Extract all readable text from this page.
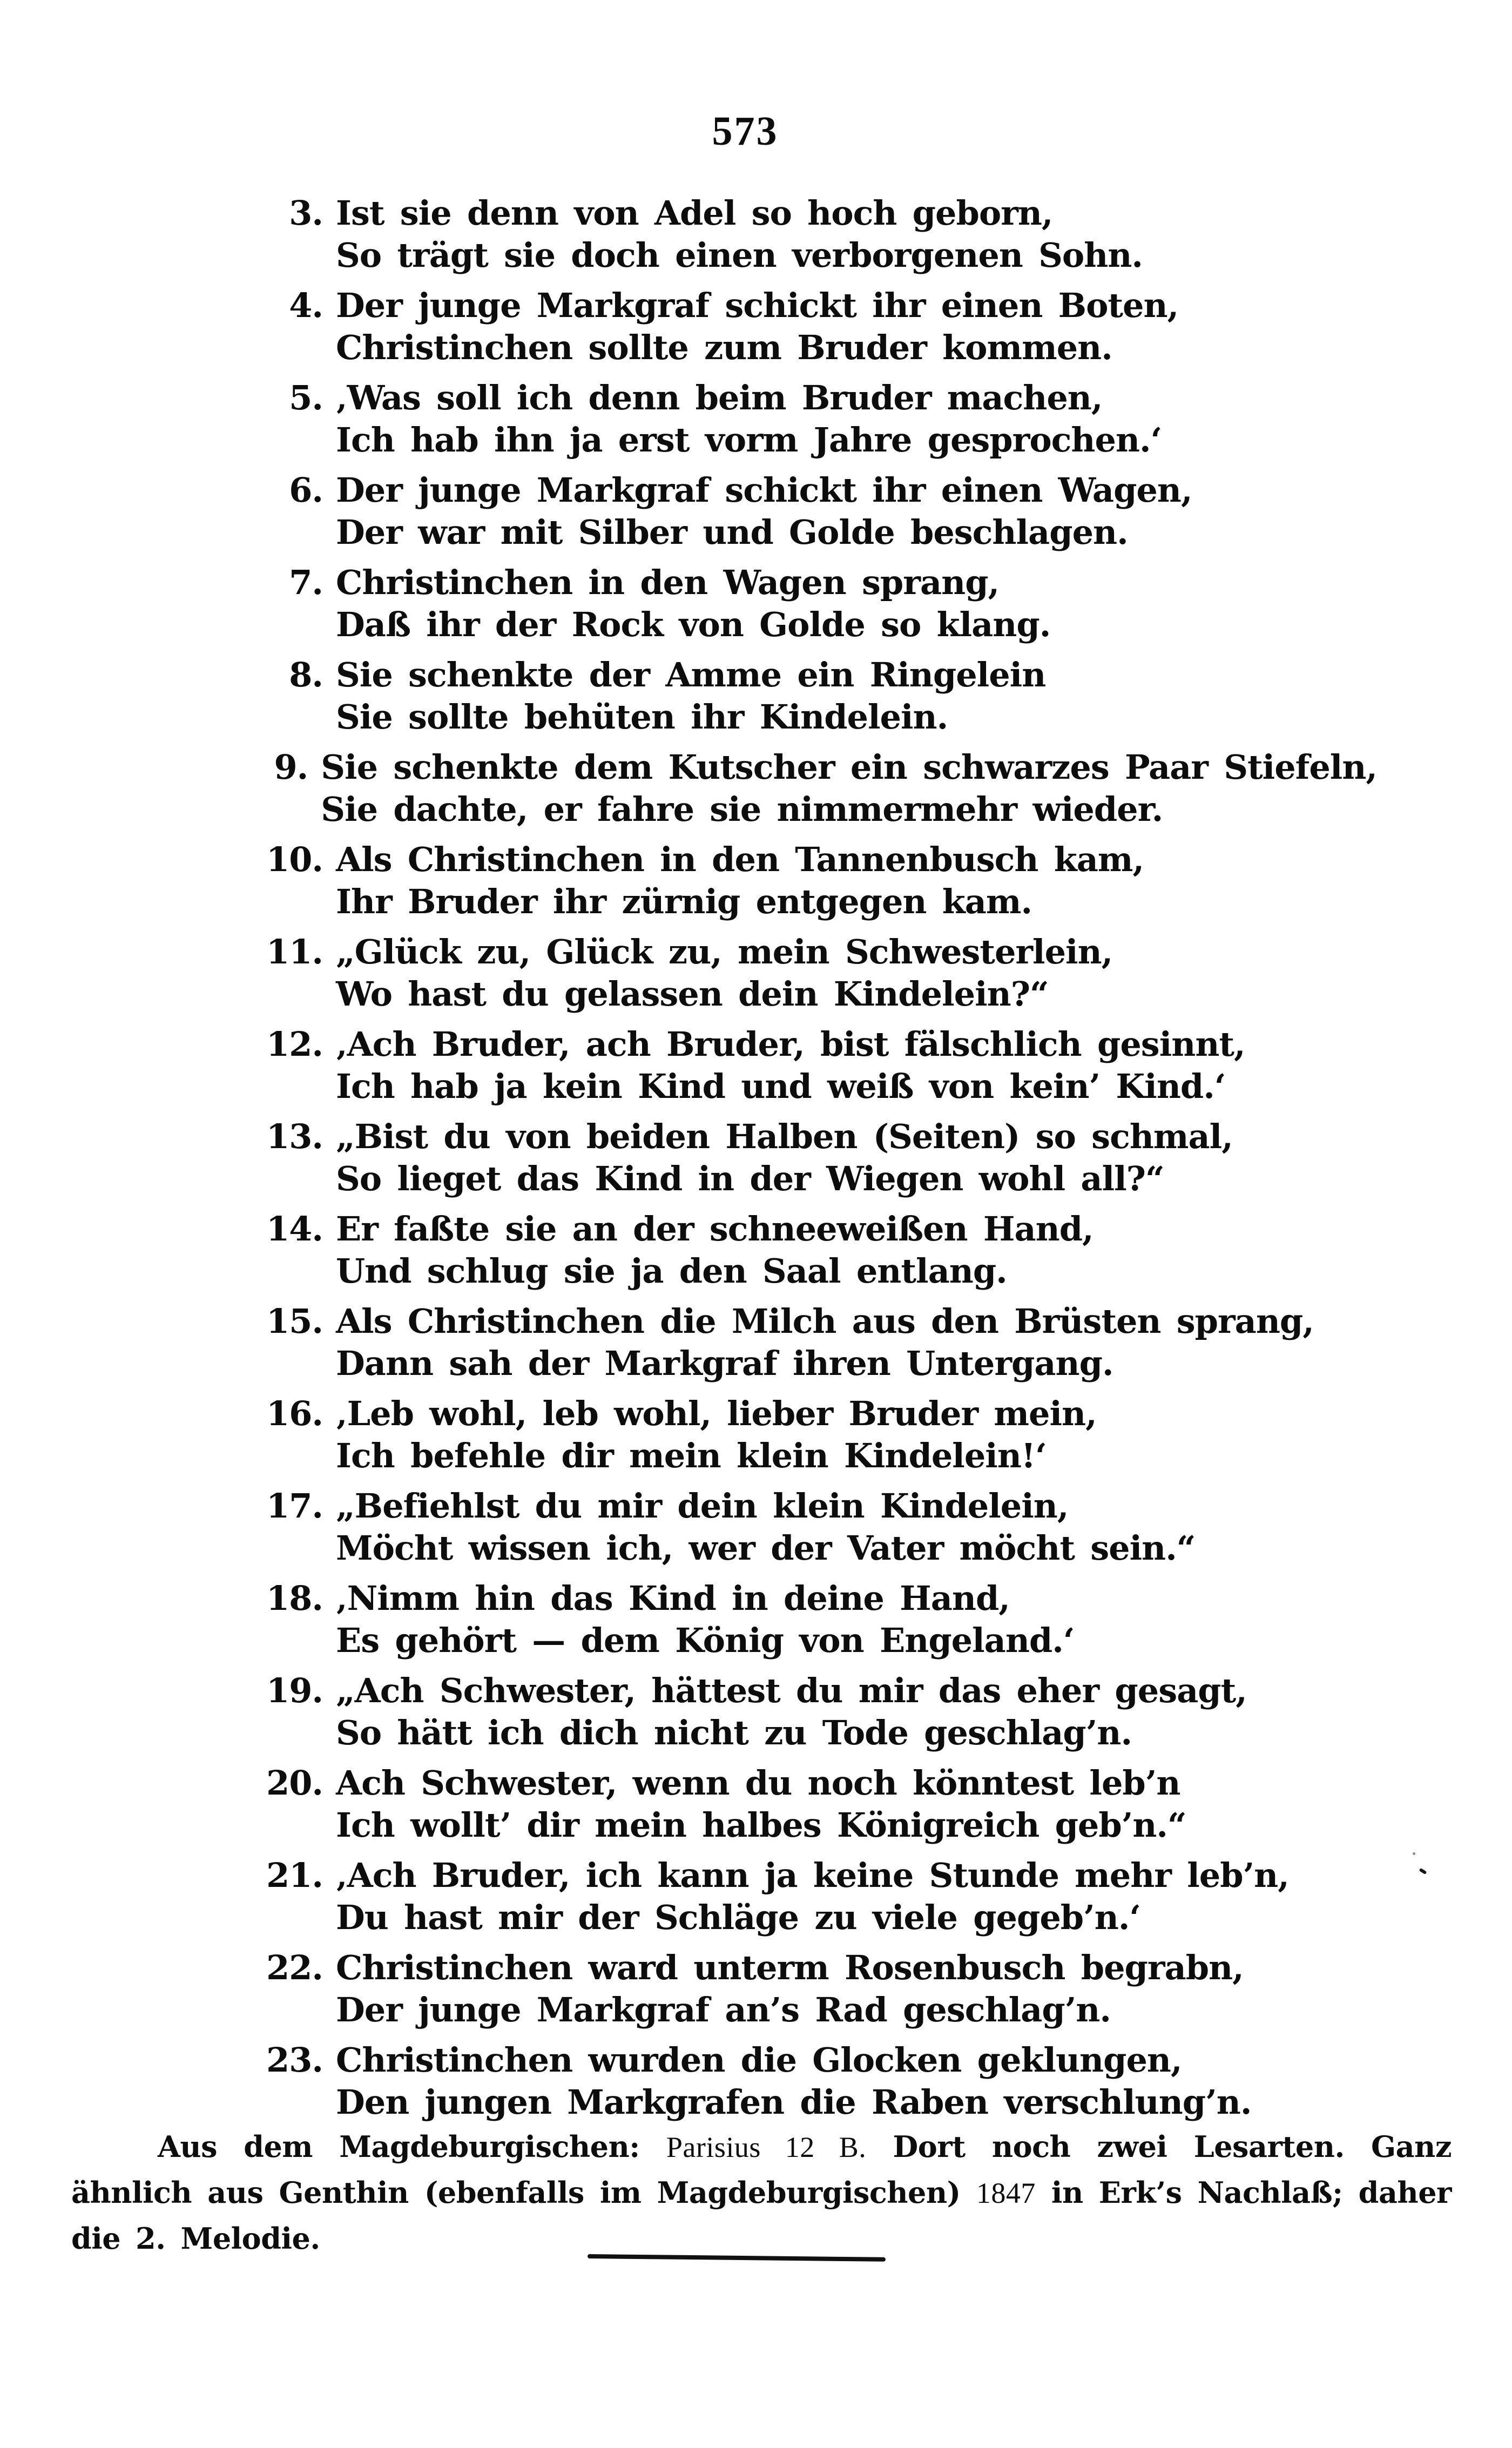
573
3. Ist sie denn von Adel so hoch geborn,
So trägt sie doch einen verborgenen Sohn.
4. Der junge Markgraf schickt ihr einen Boten,
Christinchen sollte zum Bruder kommen.
5. ‚Was soll ich denn beim Bruder machen,
Ich hab ihn ja erst vorm Jahre gesprochen.‘
6. Der junge Markgraf schickt ihr einen Wagen,
Der war mit Silber und Golde beschlagen.
7. Christinchen in den Wagen sprang,
Daß ihr der Rock von Golde so klang.
8. Sie schenkte der Amme ein Ringelein
Sie sollte behüten ihr Kindelein.
9. Sie schenkte dem Kutscher ein schwarzes Paar Stiefeln,
Sie dachte, er fahre sie nimmermehr wieder.
10. Als Christinchen in den Tannenbusch kam,
Ihr Bruder ihr zürnig entgegen kam.
11. „Glück zu, Glück zu, mein Schwesterlein,
Wo hast du gelassen dein Kindelein?“
12. ‚Ach Bruder, ach Bruder, bist fälschlich gesinnt,
Ich hab ja kein Kind und weiß von kein’ Kind.‘
13. „Bist du von beiden Halben (Seiten) so schmal,
So lieget das Kind in der Wiegen wohl all?“
14. Er faßte sie an der schneeweißen Hand,
Und schlug sie ja den Saal entlang.
15. Als Christinchen die Milch aus den Brüsten sprang,
Dann sah der Markgraf ihren Untergang.
16. ‚Leb wohl, leb wohl, lieber Bruder mein,
Ich befehle dir mein klein Kindelein!‘
17. „Befiehlst du mir dein klein Kindelein,
Möcht wissen ich, wer der Vater möcht sein.“
18. ‚Nimm hin das Kind in deine Hand,
Es gehört — dem König von Engeland.‘
19. „Ach Schwester, hättest du mir das eher gesagt,
So hätt ich dich nicht zu Tode geschlag’n.
20. Ach Schwester, wenn du noch könntest leb’n
Ich wollt’ dir mein halbes Königreich geb’n.“
21. ‚Ach Bruder, ich kann ja keine Stunde mehr leb’n,
Du hast mir der Schläge zu viele gegeb’n.‘
22. Christinchen ward unterm Rosenbusch begrabn,
Der junge Markgraf an’s Rad geschlag’n.
23. Christinchen wurden die Glocken geklungen,
Den jungen Markgrafen die Raben verschlung’n.
Aus dem Magdeburgischen: Parisius 12 B. Dort noch zwei Lesarten. Ganz
ähnlich aus Genthin (ebenfalls im Magdeburgischen) 1847 in Erk’s Nachlaß; daher
die 2. Melodie.
